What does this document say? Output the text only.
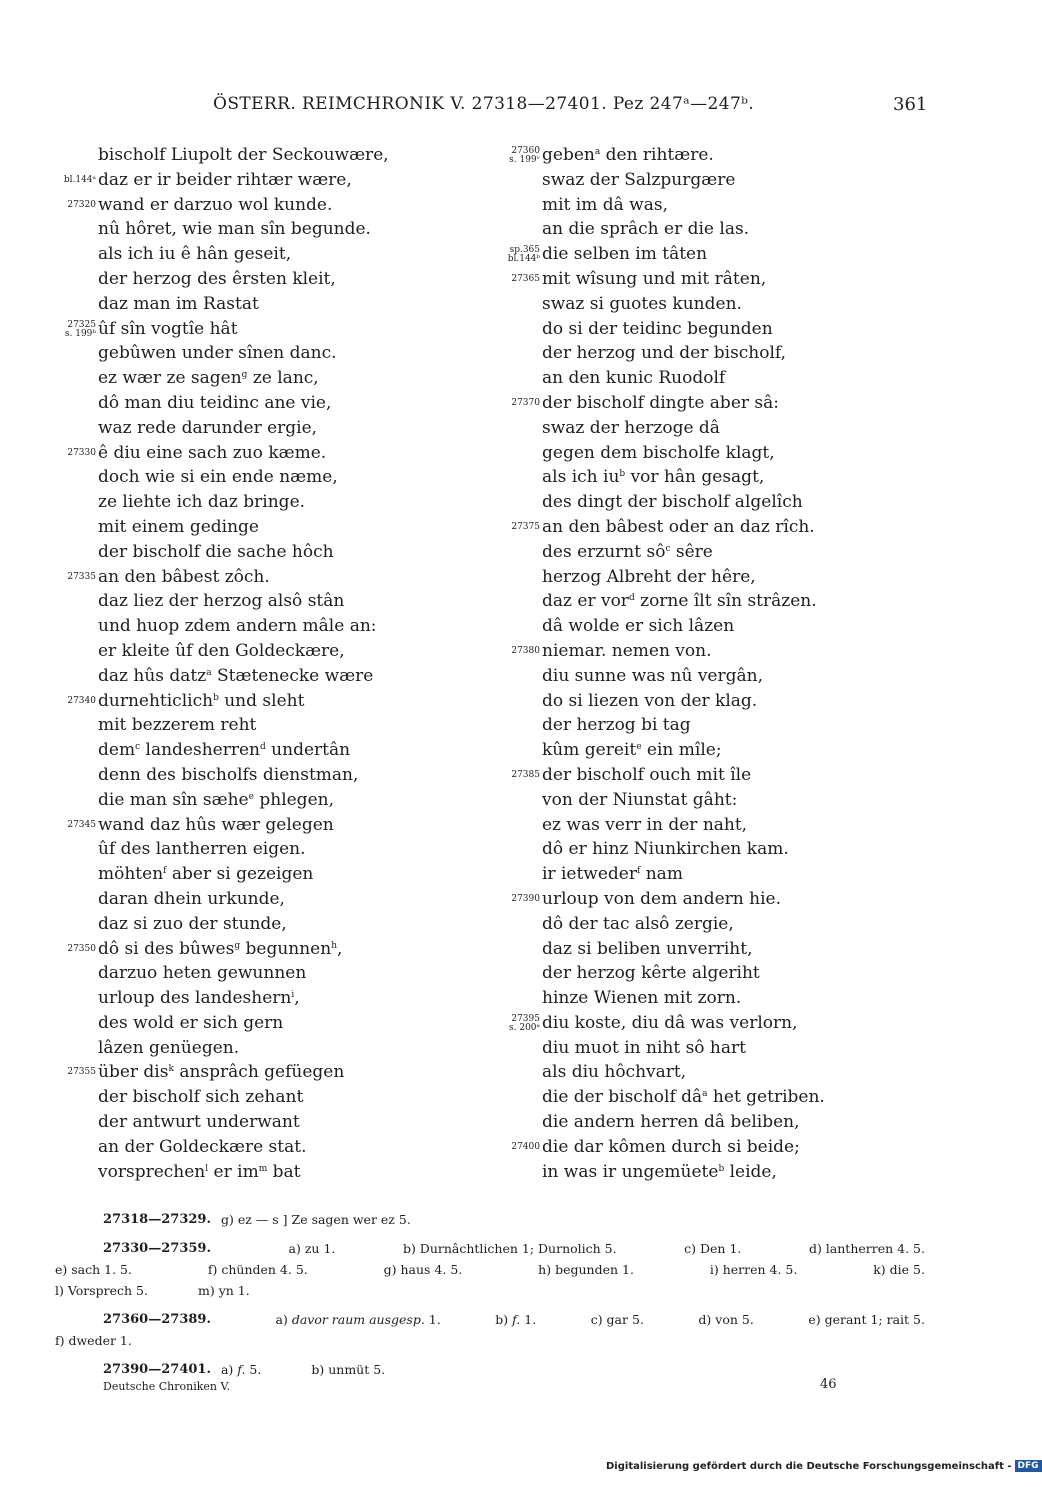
ÖSTERR. REIMCHRONIK V. 27318—27401. Pez 247ᵃ—247ᵇ.	361
bischolf Liupolt der Seckouwære,
bl.144ᵃ daz er ir beider rihtær wære,
27320 wand er darzuo wol kunde.
nû hôret, wie man sîn begunde.
als ich iu ê hân geseit,
der herzog des êrsten kleit,
daz man im Rastat
27325
s. 199ᵇ ûf sîn vogtîe hât
gebûwen under sînen danc.
ez wær ze sagen$^g$ ze lanc,
dô man diu teidinc ane vie,
waz rede darunder ergie,
27330 ê diu eine sach zuo kæme.
doch wie si ein ende næme,
ze liehte ich daz bringe.
mit einem gedinge
der bischolf die sache hôch
27335 an den bâbest zôch.
daz liez der herzog alsô stân
und huop zdem andern mâle an:
er kleite ûf den Goldeckære,
daz hûs datz$^a$ Stætenecke wære
27340 durnehticlich$^b$ und sleht
mit bezzerem reht
dem$^c$ landesherren$^d$ undertân
denn des bischolfs dienstman,
die man sîn sæhe$^e$ phlegen,
27345 wand daz hûs wær gelegen
ûf des lantherren eigen.
möhten$^f$ aber si gezeigen
daran dhein urkunde,
daz si zuo der stunde,
27350 dô si des bûwes$^g$ begunnen$^h$,
darzuo heten gewunnen
urloup des landeshern$^i$,
des wold er sich gern
lâzen genüegen.
27355 über dis$^k$ ansprâch gefüegen
der bischolf sich zehant
der antwurt underwant
an der Goldeckære stat.
vorsprechen$^l$ er $im^m$ bat
27360
s. 199ᵛ geben$^a$ den rihtære.
swaz der Salzpurgære
mit im dâ was,
an die sprâch er die las.
sp.365
bl.144ᵇ die selben im tâten
27365 mit wîsung und mit râten,
swaz si guotes kunden.
do si der teidinc begunden
der herzog und der bischolf,
an den kunic Ruodolf
27370 der bischolf dingte aber sâ:
swaz der herzoge dâ
gegen dem bischolfe klagt,
als ich $iu^b$ vor hân gesagt,
des dingt der bischolf algelîch
27375 an den bâbest oder an daz rîch.
des erzurnt $sô^c$ sêre
herzog Albreht der hêre,
daz er vor$^d$ zorne îlt sîn strâzen.
dâ wolde er sich lâzen
27380 niemar. nemen von.
diu sunne was nû vergân,
do si liezen von der klag.
der herzog bi tag
kûm gereit$^e$ ein mîle;
27385 der bischolf ouch mit île
von der Niunstat gâht:
ez was verr in der naht,
dô er hinz Niunkirchen kam.
ir ietweder$^f$ nam
27390 urloup von dem andern hie.
dô der tac alsô zergie,
daz si beliben unverriht,
der herzog kêrte algeriht
hinze Wienen mit zorn.
27395
s. 200ᵃ diu koste, diu dâ was verlorn,
diu muot in niht sô hart
als diu hôchvart,
die der bischolf $dâ^a$ het getriben.
die andern herren dâ beliben,
27400 die dar kômen durch si beide;
in was ir ungemüete$^b$ leide,
27318—27329. g) ez — s ] Ze sagen wer ez 5.
27330—27359.	a) zu 1.	b) Durnâchtlichen 1; Durnolich 5.	c) Den 1.	d) lantherren 4. 5.
e) sach 1. 5.	f) chünden 4. 5.	g) haus 4. 5.	h) begunden 1.	i) herren 4. 5.	k) die 5.
l) Vorsprech 5.	m) yn 1.
27360—27389.	a) davor raum ausgesp. 1.	b) f. 1.	c) gar 5.	d) von 5.	e) gerant 1; rait 5.
f) dweder 1.
27390—27401. a) f. 5.	b) unmüt 5.
Deutsche Chroniken V.	46
Digitalisierung gefördert durch die Deutsche Forschungsgemeinschaft - DFG
